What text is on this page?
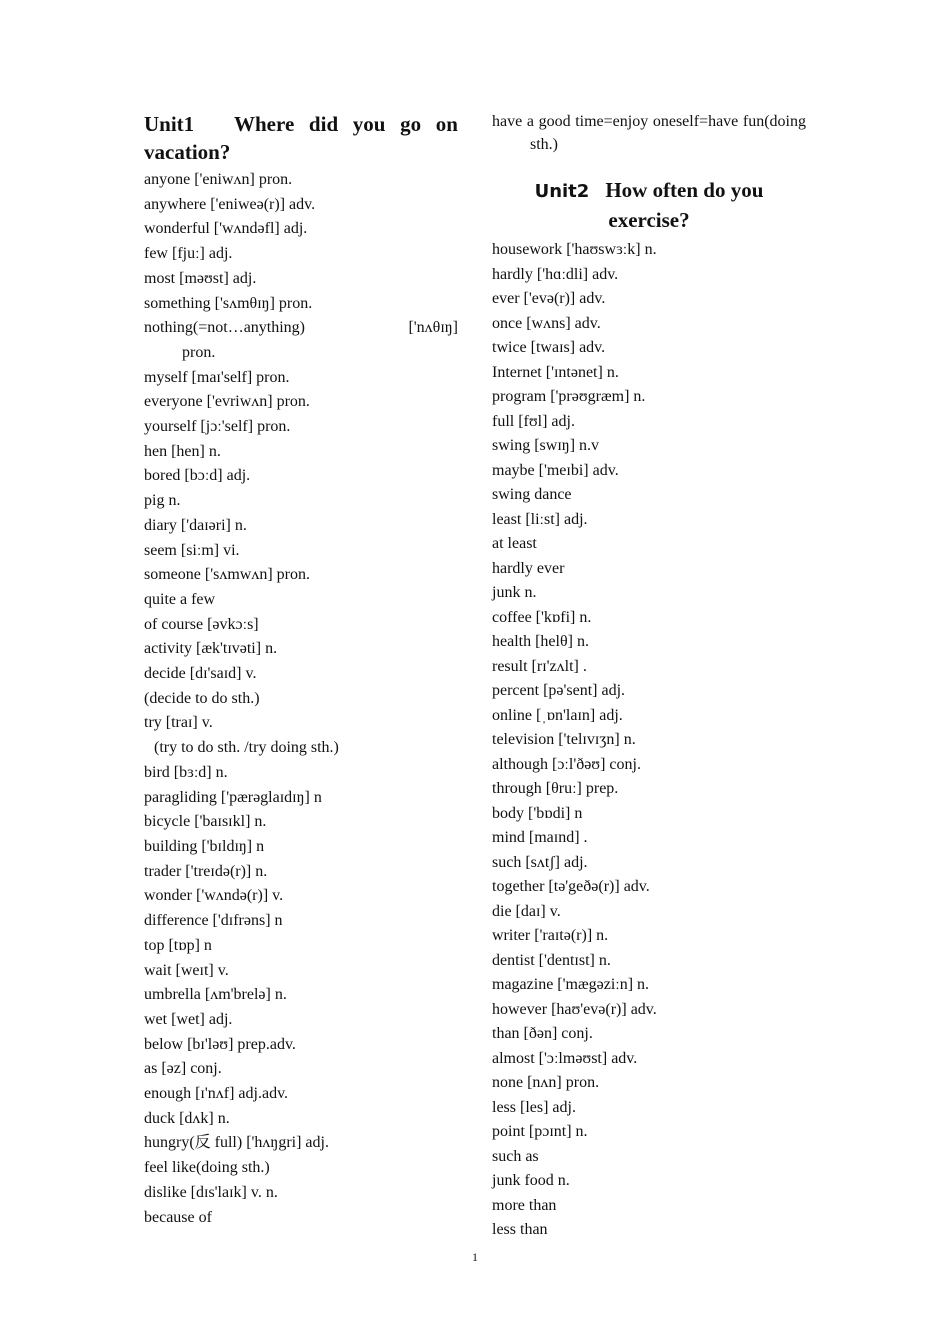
Unit1　Where did you go on vacation?
anyone ['eniwʌn] pron.
anywhere ['eniweə(r)] adv.
wonderful ['wʌndəfl] adj.
few [fjuː] adj.
most [məʊst] adj.
something ['sʌmθɪŋ] pron.
nothing(=not…anything)	['nʌθɪŋ]
pron.
myself [maɪ'self] pron.
everyone ['evriwʌn] pron.
yourself [jɔː'self] pron.
hen [hen] n.
bored [bɔːd] adj.
pig n.
diary ['daɪəri] n.
seem [siːm] vi.
someone ['sʌmwʌn] pron.
quite a few
of course [əvkɔːs]
activity [æk'tɪvəti] n.
decide [dɪ'saɪd] v.
(decide to do sth.)
try [traɪ] v.
(try to do sth. /try doing sth.)
bird [bɜːd] n.
paragliding ['pærəglaɪdɪŋ] n
bicycle ['baɪsɪkl] n.
building ['bɪldɪŋ] n
trader ['treɪdə(r)] n.
wonder ['wʌndə(r)] v.
difference ['dɪfrəns] n
top [tɒp] n
wait [weɪt] v.
umbrella [ʌm'brelə] n.
wet [wet] adj.
below [bɪ'ləʊ] prep.adv.
as [əz] conj.
enough [ɪ'nʌf] adj.adv.
duck [dʌk] n.
hungry(反 full) ['hʌŋgri] adj.
feel like(doing sth.)
dislike [dɪs'laɪk] v. n.
because of

have a good time=enjoy oneself=have fun(doing sth.)

Unit2 How often do you exercise?
housework ['haʊswɜːk] n.
hardly ['hɑːdli] adv.
ever ['evə(r)] adv.
once [wʌns] adv.
twice [twaɪs] adv.
Internet ['ɪntənet] n.
program ['prəʊgræm] n.
full [fʊl] adj.
swing [swɪŋ] n.v
maybe ['meɪbi] adv.
swing dance
least [liːst] adj.
at least
hardly ever
junk n.
coffee ['kɒfi] n.
health [helθ] n.
result [rɪ'zʌlt] .
percent [pə'sent] adj.
online [ˌɒn'laɪn] adj.
television ['telɪvɪʒn] n.
although [ɔːl'ðəʊ] conj.
through [θruː] prep.
body ['bɒdi] n
mind [maɪnd] .
such [sʌtʃ] adj.
together [tə'geðə(r)] adv.
die [daɪ] v.
writer ['raɪtə(r)] n.
dentist ['dentɪst] n.
magazine ['mægəziːn] n.
however [haʊ'evə(r)] adv.
than [ðən] conj.
almost ['ɔːlməʊst] adv.
none [nʌn] pron.
less [les] adj.
point [pɔɪnt] n.
such as
junk food n.
more than
less than
1
